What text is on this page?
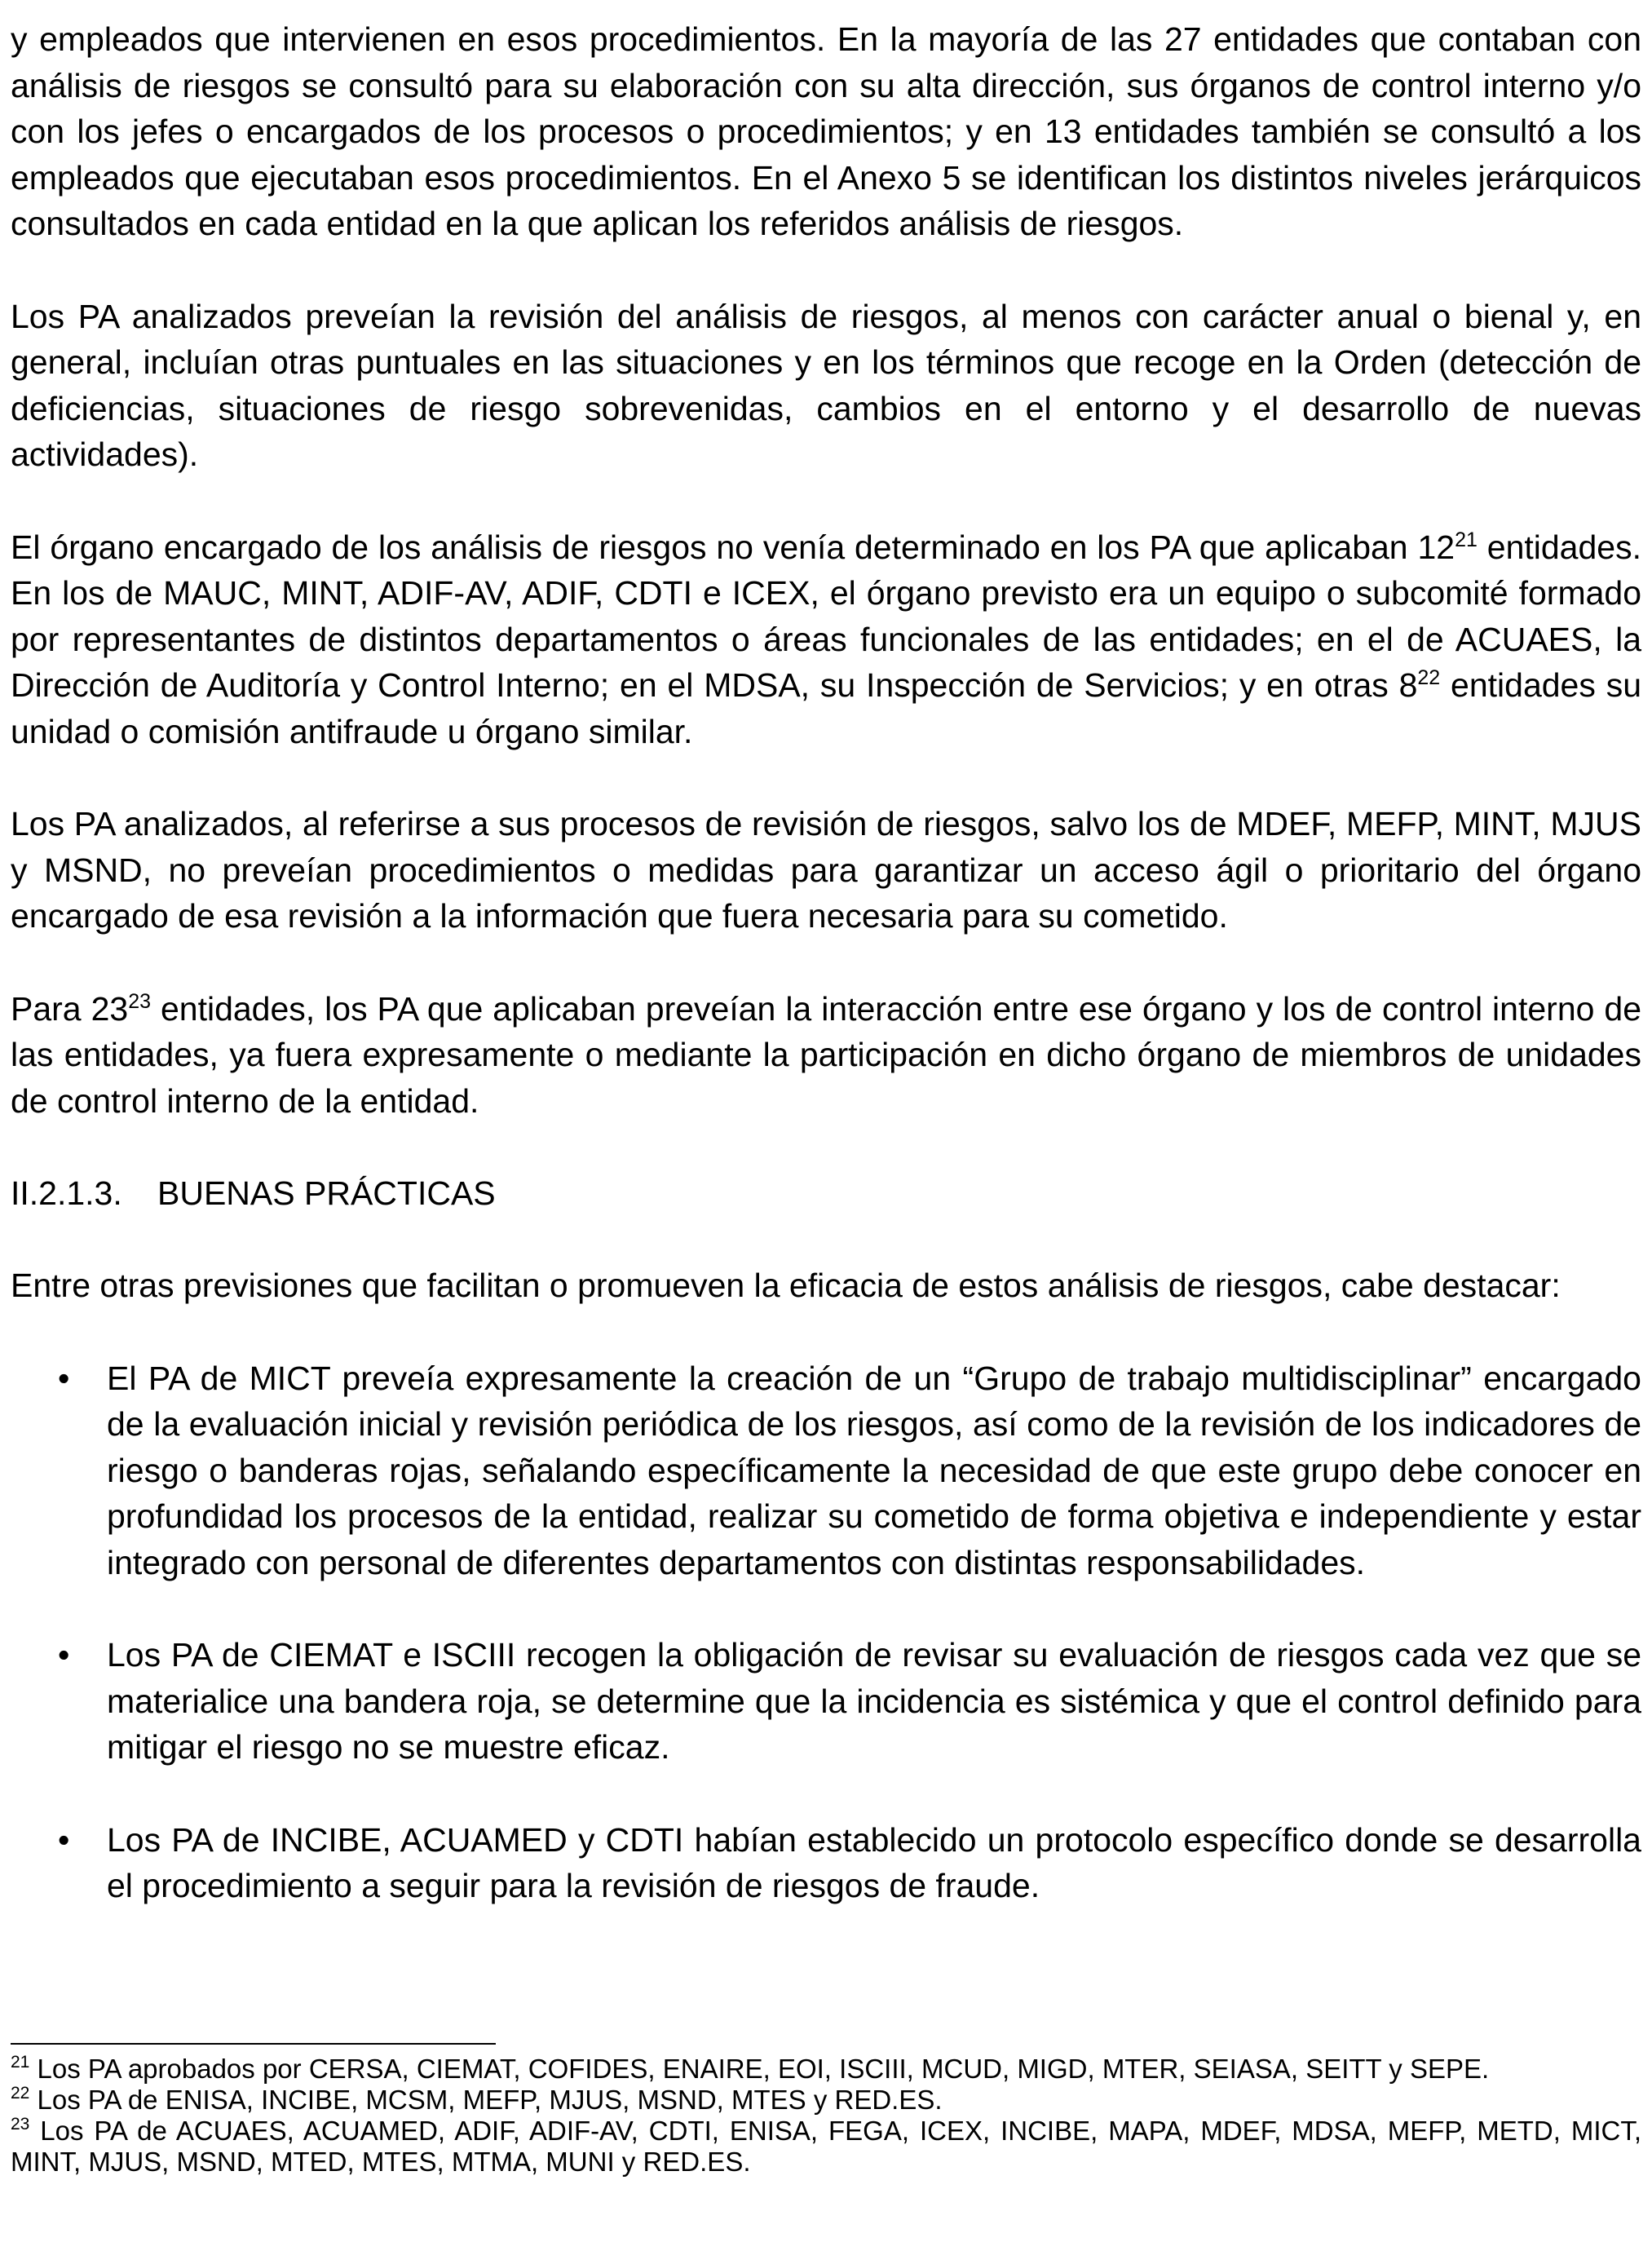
y empleados que intervienen en esos procedimientos. En la mayoría de las 27 entidades que contaban con análisis de riesgos se consultó para su elaboración con su alta dirección, sus órganos de control interno y/o con los jefes o encargados de los procesos o procedimientos; y en 13 entidades también se consultó a los empleados que ejecutaban esos procedimientos. En el Anexo 5 se identifican los distintos niveles jerárquicos consultados en cada entidad en la que aplican los referidos análisis de riesgos.

Los PA analizados preveían la revisión del análisis de riesgos, al menos con carácter anual o bienal y, en general, incluían otras puntuales en las situaciones y en los términos que recoge en la Orden (detección de deficiencias, situaciones de riesgo sobrevenidas, cambios en el entorno y el desarrollo de nuevas actividades).

El órgano encargado de los análisis de riesgos no venía determinado en los PA que aplicaban $12^{21}$ entidades. En los de MAUC, MINT, ADIF-AV, ADIF, CDTI e ICEX, el órgano previsto era un equipo o subcomité formado por representantes de distintos departamentos o áreas funcionales de las entidades; en el de ACUAES, la Dirección de Auditoría y Control Interno; en el MDSA, su Inspección de Servicios; y en otras $8^{22}$ entidades su unidad o comisión antifraude u órgano similar.

Los PA analizados, al referirse a sus procesos de revisión de riesgos, salvo los de MDEF, MEFP, MINT, MJUS y MSND, no preveían procedimientos o medidas para garantizar un acceso ágil o prioritario del órgano encargado de esa revisión a la información que fuera necesaria para su cometido.

Para $23^{23}$ entidades, los PA que aplicaban preveían la interacción entre ese órgano y los de control interno de las entidades, ya fuera expresamente o mediante la participación en dicho órgano de miembros de unidades de control interno de la entidad.

II.2.1.3. BUENAS PRÁCTICAS

Entre otras previsiones que facilitan o promueven la eficacia de estos análisis de riesgos, cabe destacar:

• El PA de MICT preveía expresamente la creación de un “Grupo de trabajo multidisciplinar” encargado de la evaluación inicial y revisión periódica de los riesgos, así como de la revisión de los indicadores de riesgo o banderas rojas, señalando específicamente la necesidad de que este grupo debe conocer en profundidad los procesos de la entidad, realizar su cometido de forma objetiva e independiente y estar integrado con personal de diferentes departamentos con distintas responsabilidades.
• Los PA de CIEMAT e ISCIII recogen la obligación de revisar su evaluación de riesgos cada vez que se materialice una bandera roja, se determine que la incidencia es sistémica y que el control definido para mitigar el riesgo no se muestre eficaz.
• Los PA de INCIBE, ACUAMED y CDTI habían establecido un protocolo específico donde se desarrolla el procedimiento a seguir para la revisión de riesgos de fraude.

$^{21}$ Los PA aprobados por CERSA, CIEMAT, COFIDES, ENAIRE, EOI, ISCIII, MCUD, MIGD, MTER, SEIASA, SEITT y SEPE.

$^{22}$ Los PA de ENISA, INCIBE, MCSM, MEFP, MJUS, MSND, MTES y RED.ES.

$^{23}$ Los PA de ACUAES, ACUAMED, ADIF, ADIF-AV, CDTI, ENISA, FEGA, ICEX, INCIBE, MAPA, MDEF, MDSA, MEFP, METD, MICT, MINT, MJUS, MSND, MTED, MTES, MTMA, MUNI y RED.ES.
